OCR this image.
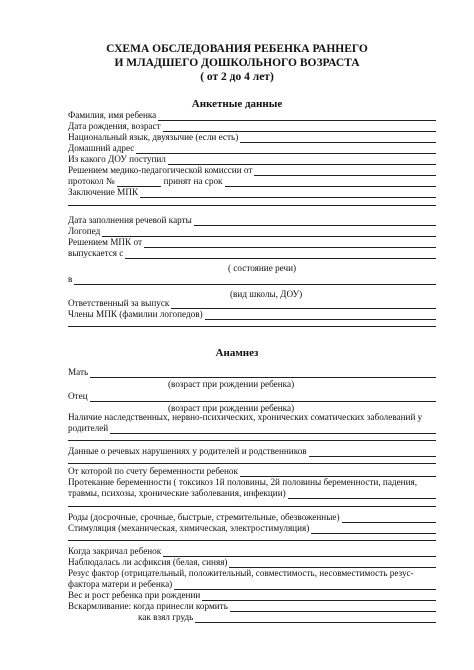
СХЕМА ОБСЛЕДОВАНИЯ РЕБЕНКА РАННЕГО
И МЛАДШЕГО ДОШКОЛЬНОГО ВОЗРАСТА
( от 2 до 4 лет)
Анкетные данные
Фамилия, имя ребенка
Дата рождения, возраст
Национальный язык, двуязычие (если есть)
Домашний адрес
Из какого ДОУ поступил
Решением медико-педагогической комиссии от
протокол №	принят на срок
Заключение МПК
Дата заполнения речевой карты
Логопед
Решением МПК от
выпускается с
( состояние речи)
в
(вид школы, ДОУ)
Ответственный за выпуск
Члены МПК (фамилии логопедов)
Анамнез
Мать
(возраст при рождении ребенка)
Отец
(возраст при рождении ребенка)
Наличие наследственных, нервно-психических, хронических соматических заболеваний у
родителей
Данные о речевых нарушениях у родителей и родственников
От которой по счету беременности ребенок
Протекание беременности ( токсикоз 1й половины, 2й половины беременности, падения,
травмы, психозы, хронические заболевания, инфекции)
Роды (досрочные, срочные, быстрые, стремительные, обезвоженные)
Стимуляция (механическая, химическая, электростимуляция)
Когда закричал ребенок
Наблюдалась ли асфиксия (белая, синяя)
Резус фактор (отрицательный, положительный, совместимость, несовместимость резус-
фактора матери и ребенка)
Вес и рост ребенка при рождении
Вскармливание: когда принесли кормить
как взял грудь
